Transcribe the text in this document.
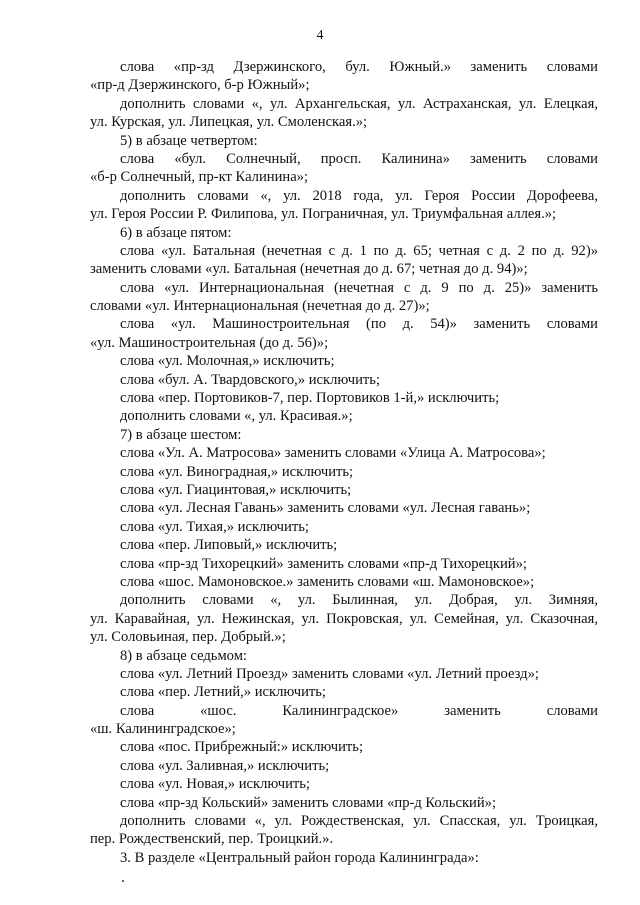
4
слова «пр-зд Дзержинского, бул. Южный.» заменить словами
«пр-д Дзержинского, б-р Южный»;
дополнить словами «, ул. Архангельская, ул. Астраханская, ул. Елецкая,
ул. Курская, ул. Липецкая, ул. Смоленская.»;
5) в абзаце четвертом:
слова «бул. Солнечный, просп. Калинина» заменить словами
«б-р Солнечный, пр-кт Калинина»;
дополнить словами «, ул. 2018 года, ул. Героя России Дорофеева,
ул. Героя России Р. Филипова, ул. Пограничная, ул. Триумфальная аллея.»;
6) в абзаце пятом:
слова «ул. Батальная (нечетная с д. 1 по д. 65; четная с д. 2 по д. 92)»
заменить словами «ул. Батальная (нечетная до д. 67; четная до д. 94)»;
слова «ул. Интернациональная (нечетная с д. 9 по д. 25)» заменить
словами «ул. Интернациональная (нечетная до д. 27)»;
слова «ул. Машиностроительная (по д. 54)» заменить словами
«ул. Машиностроительная (до д. 56)»;
слова «ул. Молочная,» исключить;
слова «бул. А. Твардовского,» исключить;
слова «пер. Портовиков-7, пер. Портовиков 1-й,» исключить;
дополнить словами «, ул. Красивая.»;
7) в абзаце шестом:
слова «Ул. А. Матросова» заменить словами «Улица А. Матросова»;
слова «ул. Виноградная,» исключить;
слова «ул. Гиацинтовая,» исключить;
слова «ул. Лесная Гавань» заменить словами «ул. Лесная гавань»;
слова «ул. Тихая,» исключить;
слова «пер. Липовый,» исключить;
слова «пр-зд Тихорецкий» заменить словами «пр-д Тихорецкий»;
слова «шос. Мамоновское.» заменить словами «ш. Мамоновское»;
дополнить словами «, ул. Былинная, ул. Добрая, ул. Зимняя,
ул. Каравайная, ул. Нежинская, ул. Покровская, ул. Семейная, ул. Сказочная,
ул. Соловьиная, пер. Добрый.»;
8) в абзаце седьмом:
слова «ул. Летний Проезд» заменить словами «ул. Летний проезд»;
слова «пер. Летний,» исключить;
слова «шос. Калининградское» заменить словами
«ш. Калининградское»;
слова «пос. Прибрежный:» исключить;
слова «ул. Заливная,» исключить;
слова «ул. Новая,» исключить;
слова «пр-зд Кольский» заменить словами «пр-д Кольский»;
дополнить словами «, ул. Рождественская, ул. Спасская, ул. Троицкая,
пер. Рождественский, пер. Троицкий.».
3. В разделе «Центральный район города Калининграда»:
